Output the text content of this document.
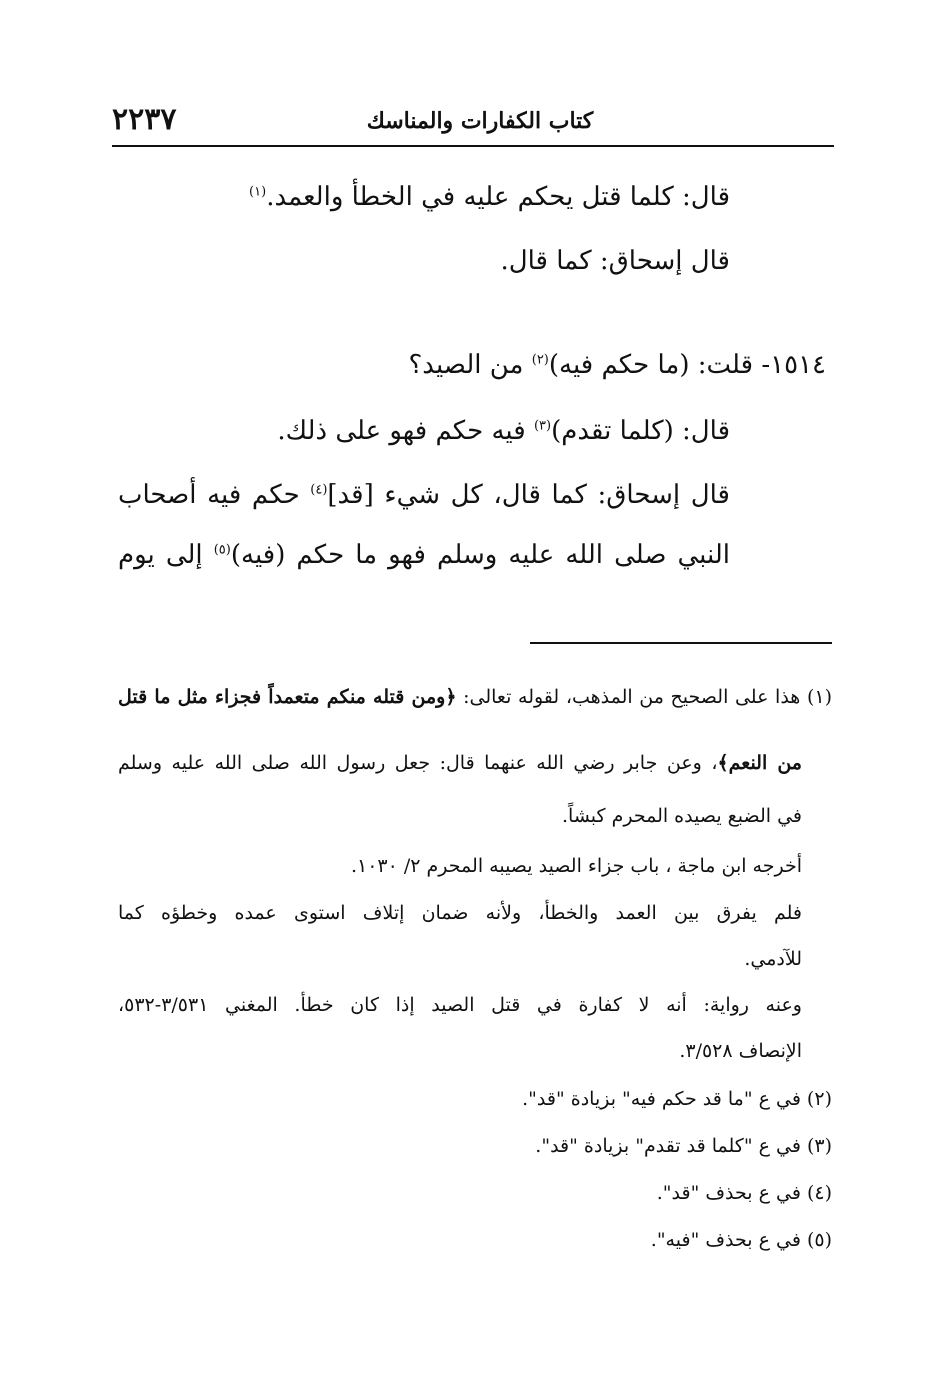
كتاب الكفارات والمناسك
٢٢٣٧
قال: كلما قتل يحكم عليه في الخطأ والعمد.$^{(١)}$
قال إسحاق: كما قال.
١٥١٤- قلت: (ما حكم فيه)$^{(٢)}$ من الصيد؟
قال: (كلما تقدم)$^{(٣)}$ فيه حكم فهو على ذلك.
قال إسحاق: كما قال، كل شيء [قد]$^{(٤)}$ حكم فيه أصحاب
النبي صلى الله عليه وسلم فهو ما حكم (فيه)$^{(٥)}$ إلى يوم
(١) هذا على الصحيح من المذهب، لقوله تعالى: ﴿ومن قتله منكم متعمداً فجزاء مثل ما قتل
من النعم﴾، وعن جابر رضي الله عنهما قال: جعل رسول الله صلى الله عليه وسلم
في الضبع يصيده المحرم كبشاً.
أخرجه ابن ماجة ، باب جزاء الصيد يصيبه المحرم ٢/ ١٠٣٠.
فلم يفرق بين العمد والخطأ، ولأنه ضمان إتلاف استوى عمده وخطؤه كما
للآدمي.
وعنه رواية: أنه لا كفارة في قتل الصيد إذا كان خطأ. المغني ٣/٥٣١-٥٣٢،
الإنصاف ٣/٥٢٨.
(٢) في ع "ما قد حكم فيه" بزيادة "قد".
(٣) في ع "كلما قد تقدم" بزيادة "قد".
(٤) في ع بحذف "قد".
(٥) في ع بحذف "فيه".
